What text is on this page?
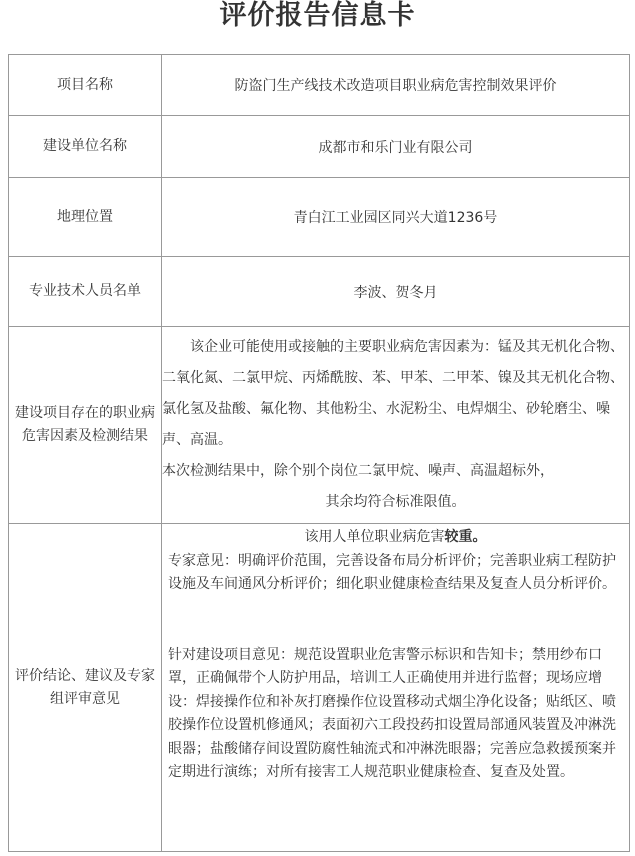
评价报告信息卡
项目名称	防盗门生产线技术改造项目职业病危害控制效果评价
建设单位名称	成都市和乐门业有限公司
地理位置	青白江工业园区同兴大道1236号
专业技术人员名单	李波、贺冬月
建设项目存在的职业病危害因素及检测结果	该企业可能使用或接触的主要职业病危害因素为：锰及其无机化合物、二氧化氮、二氯甲烷、丙烯酰胺、苯、甲苯、二甲苯、镍及其无机化合物、氯化氢及盐酸、氟化物、其他粉尘、水泥粉尘、电焊烟尘、砂轮磨尘、噪声、高温。

本次检测结果中，除个别个岗位二氯甲烷、噪声、高温超标外，

其余均符合标准限值。

评价结论、建议及专家组评审意见	该用人单位职业病危害较重。

专家意见：明确评价范围，完善设备布局分析评价；完善职业病工程防护设施及车间通风分析评价；细化职业健康检查结果及复查人员分析评价。

针对建设项目意见：规范设置职业危害警示标识和告知卡；禁用纱布口罩，正确佩带个人防护用品，培训工人正确使用并进行监督；现场应增设：焊接操作位和补灰打磨操作位设置移动式烟尘净化设备；贴纸区、喷胶操作位设置机修通风；表面初六工段投药扣设置局部通风装置及冲淋洗眼器；盐酸储存间设置防腐性轴流式和冲淋洗眼器；完善应急救援预案并定期进行演练；对所有接害工人规范职业健康检查、复查及处置。
